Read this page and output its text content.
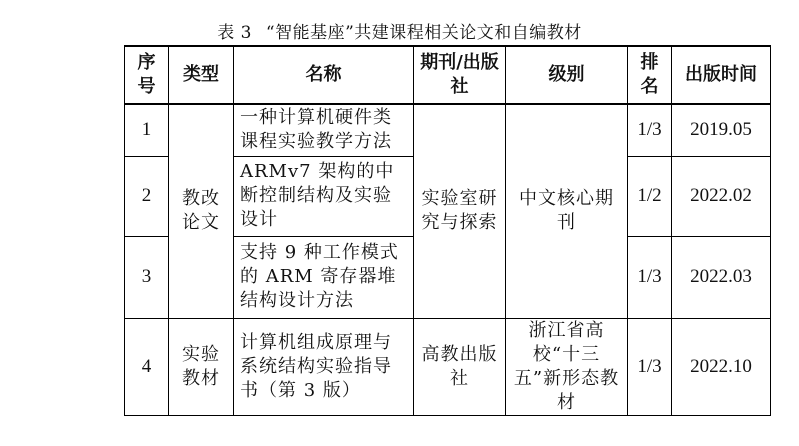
表 3 “智能基座”共建课程相关论文和自编教材
序号	类型	名称	期刊/出版社	级别	排名	出版时间
1	教改论文	一种计算机硬件类课程实验教学方法	实验室研究与探索	中文核心期刊	1/3	2019.05
2		ARMv7 架构的中断控制结构及实验设计			1/2	2022.02
3		支持 9 种工作模式的 ARM 寄存器堆结构设计方法			1/3	2022.03
4	实验教材	计算机组成原理与系统结构实验指导书（第 3 版）	高教出版社	浙江省高校“十三五”新形态教材	1/3	2022.10
